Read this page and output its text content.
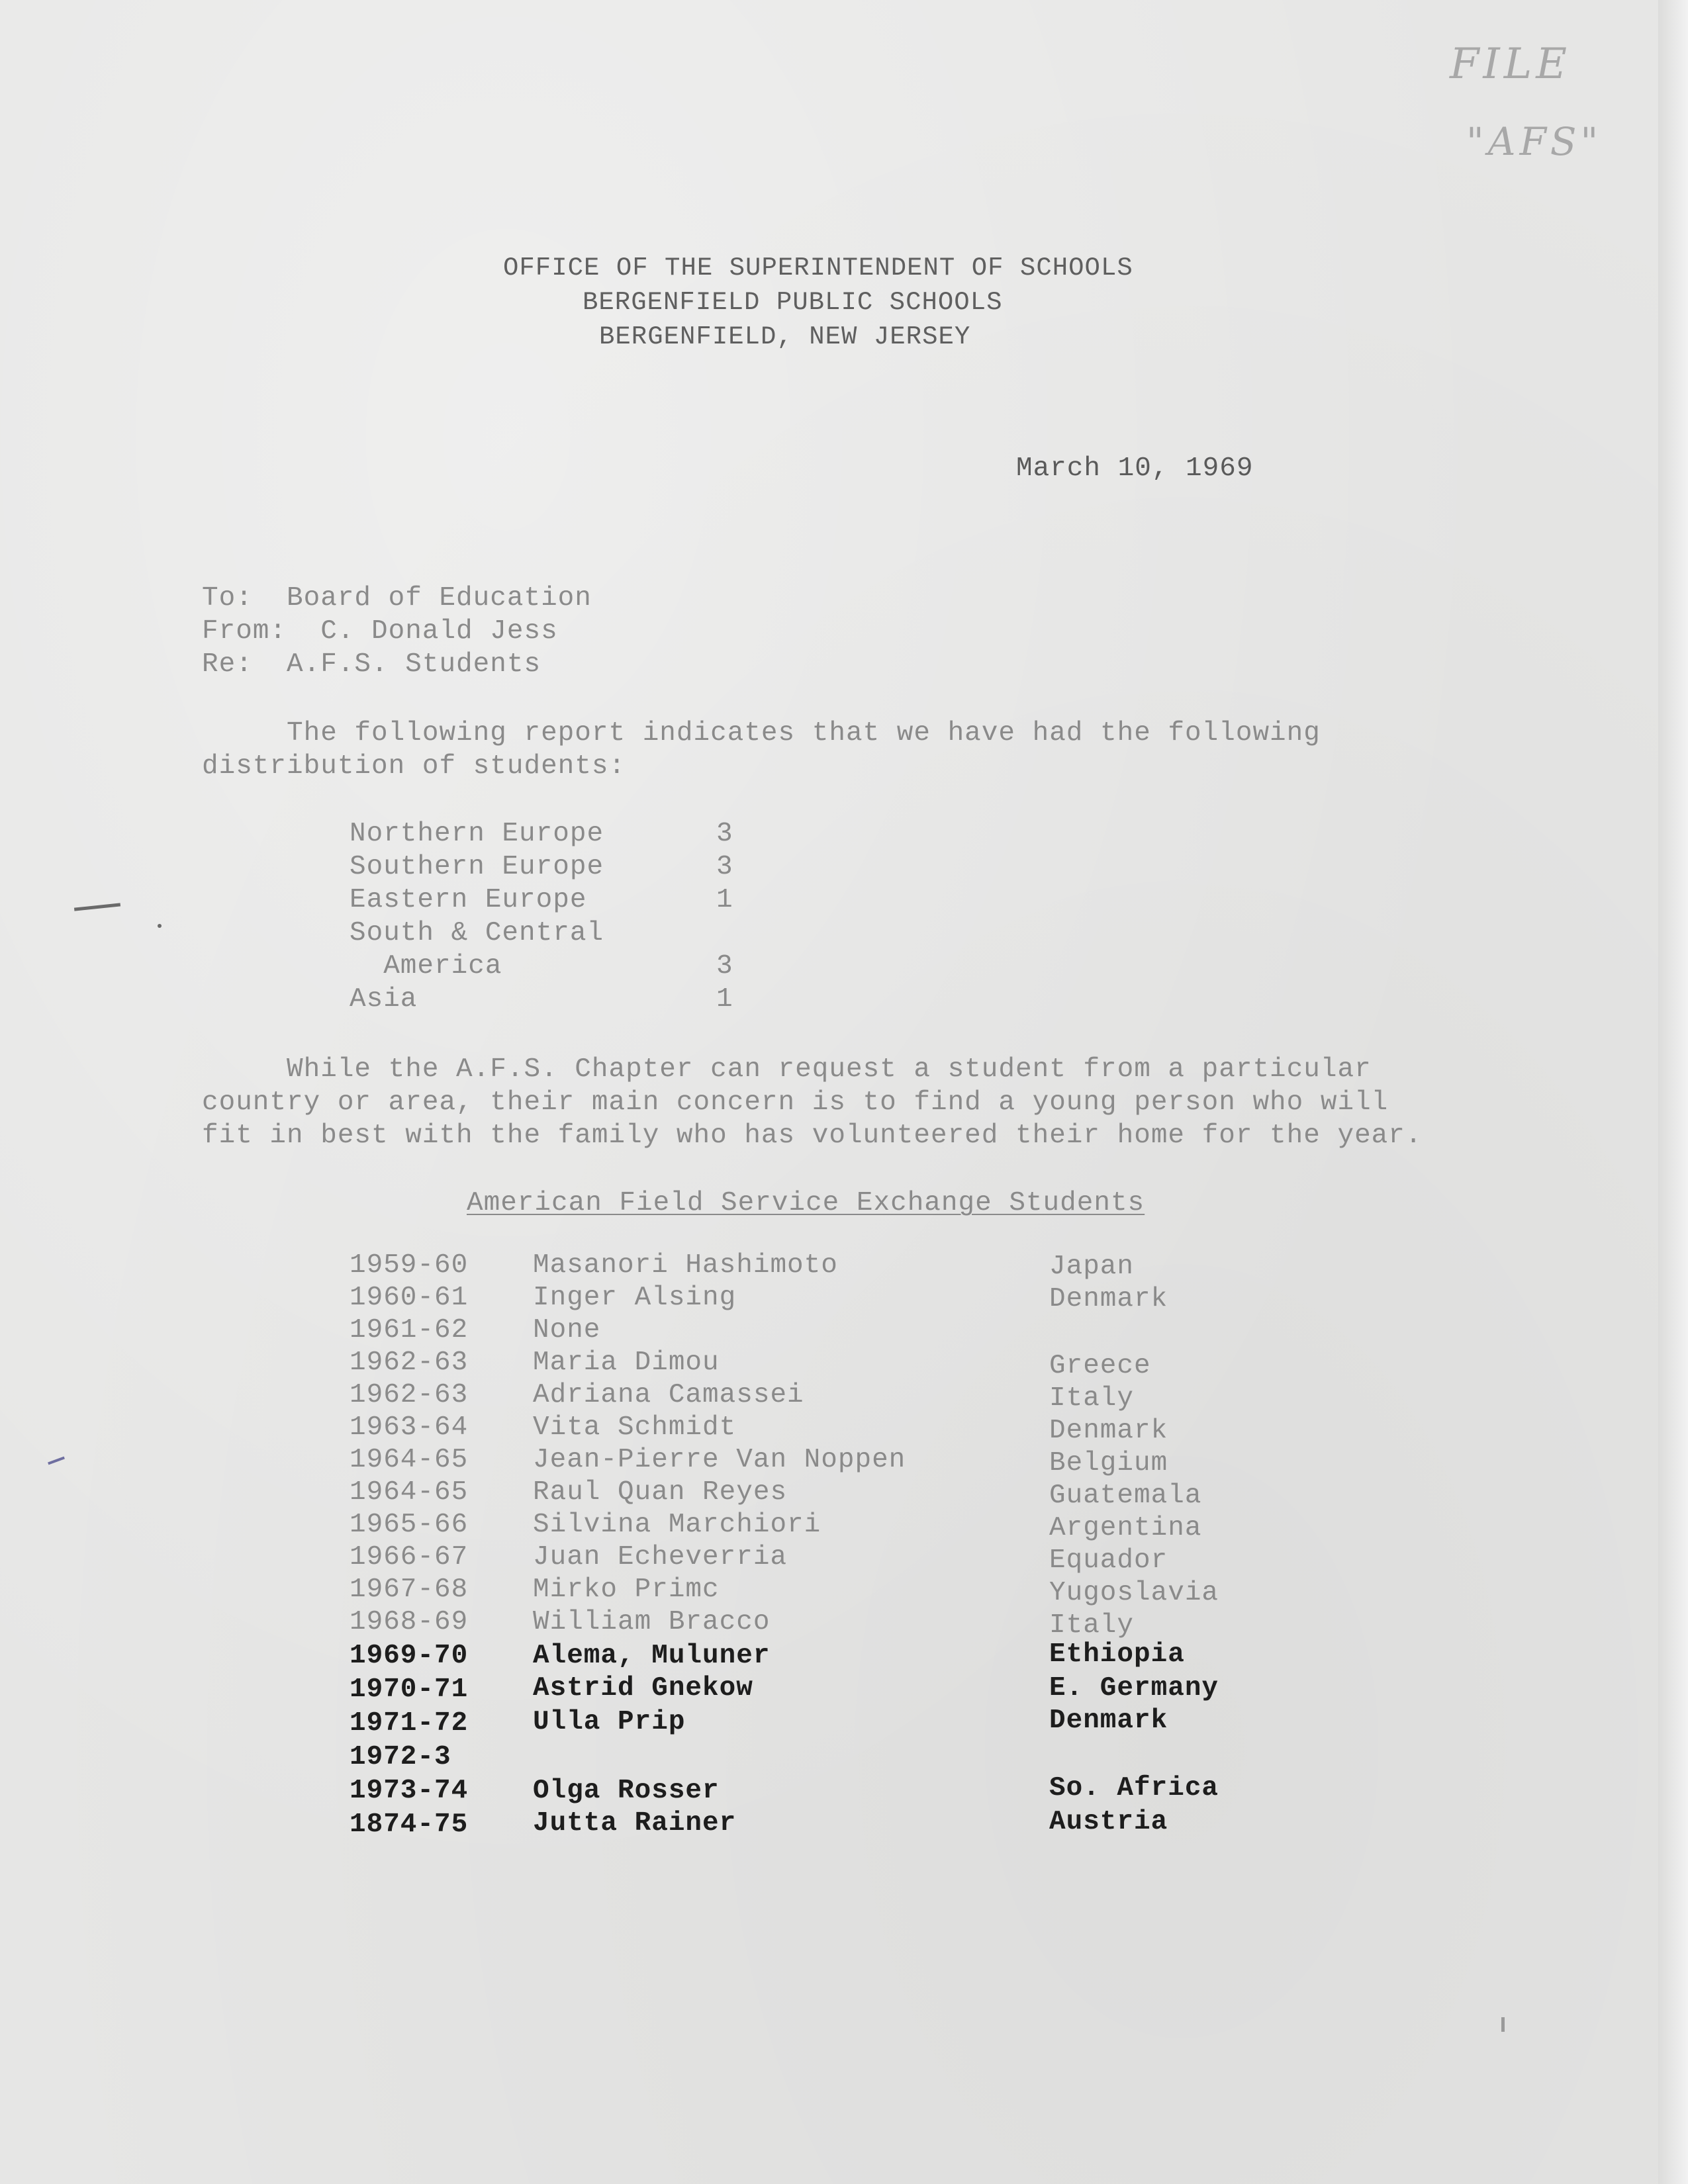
FILE
"AFS"
OFFICE OF THE SUPERINTENDENT OF SCHOOLS
BERGENFIELD PUBLIC SCHOOLS
BERGENFIELD, NEW JERSEY
March 10, 1969
To:  Board of Education
From:  C. Donald Jess
Re:  A.F.S. Students
The following report indicates that we have had the following
distribution of students:
Northern Europe	3
Southern Europe	3
Eastern Europe	1
South & Central
America	3
Asia	1
While the A.F.S. Chapter can request a student from a particular
country or area, their main concern is to find a young person who will
fit in best with the family who has volunteered their home for the year.
American Field Service Exchange Students
1959-60 Masanori Hashimoto	Japan
1960-61 Inger Alsing	Denmark
1961-62 None
1962-63 Maria Dimou	Greece
1962-63 Adriana Camassei	Italy
1963-64 Vita Schmidt	Denmark
1964-65 Jean-Pierre Van Noppen	Belgium
1964-65 Raul Quan Reyes	Guatemala
1965-66 Silvina Marchiori	Argentina
1966-67 Juan Echeverria	Equador
1967-68 Mirko Primc	Yugoslavia
1968-69 William Bracco	Italy
1969-70 Alema, Muluner	Ethiopia
1970-71 Astrid Gnekow	E. Germany
1971-72 Ulla Prip	Denmark
1972-3
1973-74 Olga Rosser	So. Africa
1874-75 Jutta Rainer	Austria
